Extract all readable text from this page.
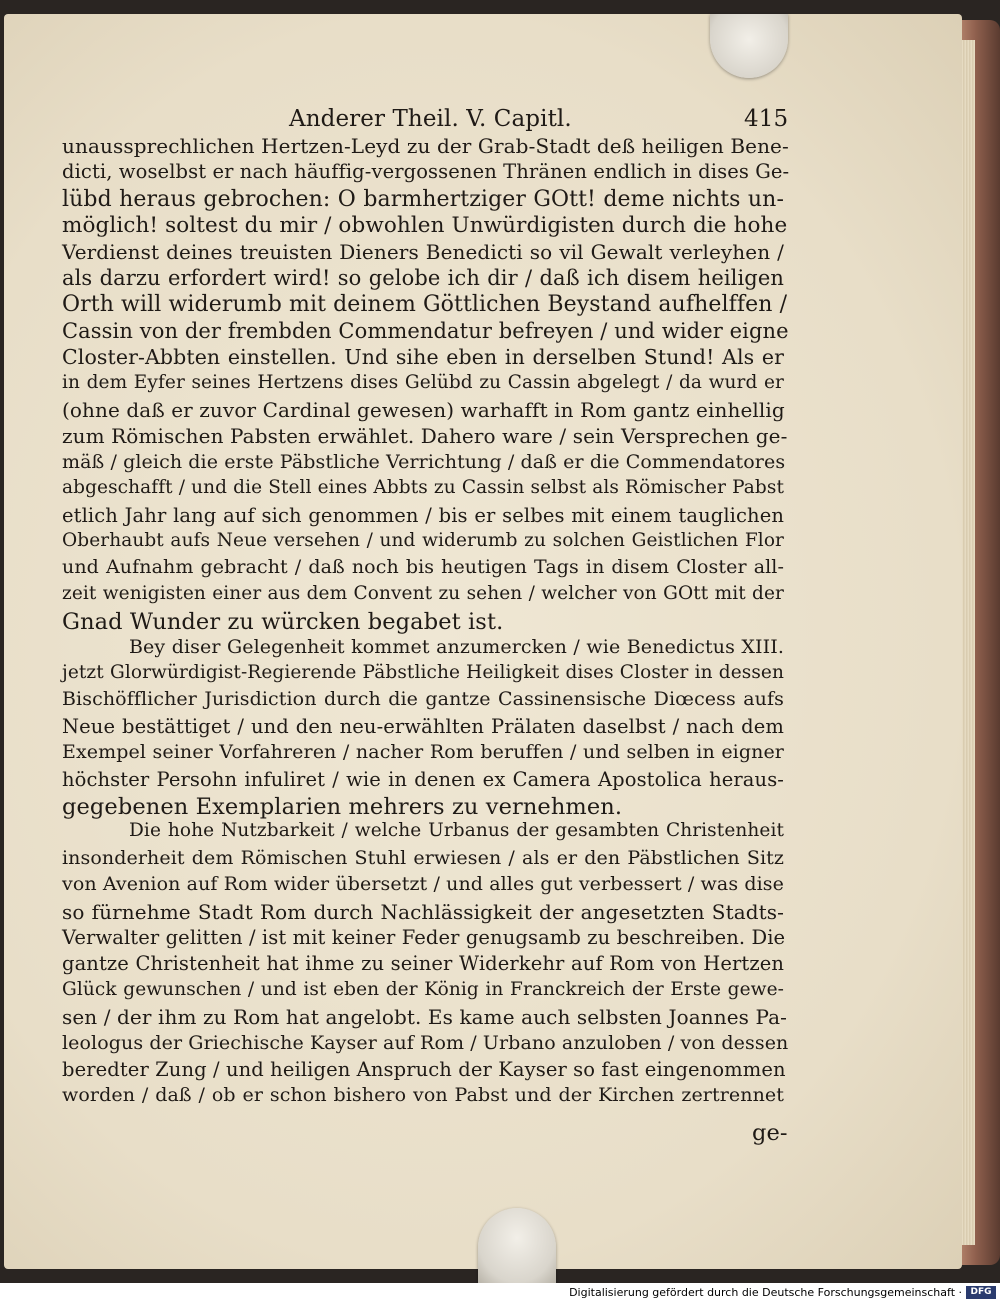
Anderer Theil. V. Capitl.	415
unaussprechlichen Hertzen-Leyd zu der Grab-Stadt deß heiligen Bene-
dicti, woselbst er nach häuffig-vergossenen Thränen endlich in dises Ge-
lübd heraus gebrochen: O barmhertziger GOtt! deme nichts un-
möglich! soltest du mir / obwohlen Unwürdigisten durch die hohe
Verdienst deines treuisten Dieners Benedicti so vil Gewalt verleyhen /
als darzu erfordert wird! so gelobe ich dir / daß ich disem heiligen
Orth will widerumb mit deinem Göttlichen Beystand aufhelffen /
Cassin von der frembden Commendatur befreyen / und wider eigne
Closter-Abbten einstellen. Und sihe eben in derselben Stund! Als er
in dem Eyfer seines Hertzens dises Gelübd zu Cassin abgelegt / da wurd er
(ohne daß er zuvor Cardinal gewesen) warhafft in Rom gantz einhellig
zum Römischen Pabsten erwählet. Dahero ware / sein Versprechen ge-
mäß / gleich die erste Päbstliche Verrichtung / daß er die Commendatores
abgeschafft / und die Stell eines Abbts zu Cassin selbst als Römischer Pabst
etlich Jahr lang auf sich genommen / bis er selbes mit einem tauglichen
Oberhaubt aufs Neue versehen / und widerumb zu solchen Geistlichen Flor
und Aufnahm gebracht / daß noch bis heutigen Tags in disem Closter all-
zeit wenigisten einer aus dem Convent zu sehen / welcher von GOtt mit der
Gnad Wunder zu würcken begabet ist.
Bey diser Gelegenheit kommet anzumercken / wie Benedictus XIII.
jetzt Glorwürdigist-Regierende Päbstliche Heiligkeit dises Closter in dessen
Bischöfflicher Jurisdiction durch die gantze Cassinensische Diœcess aufs
Neue bestättiget / und den neu-erwählten Prälaten daselbst / nach dem
Exempel seiner Vorfahreren / nacher Rom beruffen / und selben in eigner
höchster Persohn infuliret / wie in denen ex Camera Apostolica heraus-
gegebenen Exemplarien mehrers zu vernehmen.
Die hohe Nutzbarkeit / welche Urbanus der gesambten Christenheit
insonderheit dem Römischen Stuhl erwiesen / als er den Päbstlichen Sitz
von Avenion auf Rom wider übersetzt / und alles gut verbessert / was dise
so fürnehme Stadt Rom durch Nachlässigkeit der angesetzten Stadts-
Verwalter gelitten / ist mit keiner Feder genugsamb zu beschreiben. Die
gantze Christenheit hat ihme zu seiner Widerkehr auf Rom von Hertzen
Glück gewunschen / und ist eben der König in Franckreich der Erste gewe-
sen / der ihm zu Rom hat angelobt. Es kame auch selbsten Joannes Pa-
leologus der Griechische Kayser auf Rom / Urbano anzuloben / von dessen
beredter Zung / und heiligen Anspruch der Kayser so fast eingenommen
worden / daß / ob er schon bishero von Pabst und der Kirchen zertrennet
ge-
Digitalisierung gefördert durch die Deutsche Forschungsgemeinschaft · DFG
